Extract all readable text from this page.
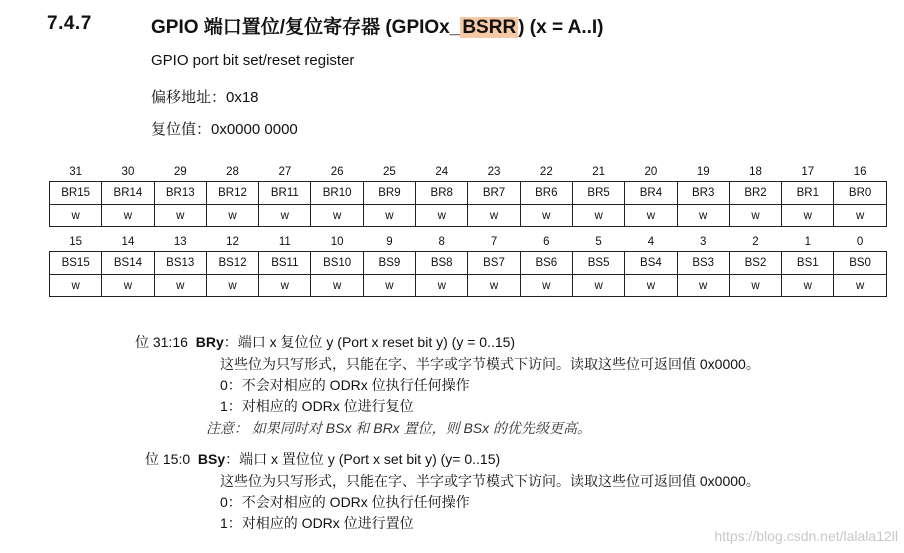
7.4.7	GPIO 端口置位/复位寄存器 (GPIOx_ BSRR ) (x = A..I)
GPIO port bit set/reset register
偏移地址：0x18
复位值：0x0000 0000
31	30	29	28	27	26	25	24	23	22	21	20	19	18	17	16
BR15	BR14	BR13	BR12	BR11	BR10	BR9	BR8	BR7	BR6	BR5	BR4	BR3	BR2	BR1	BR0
w	w	w	w	w	w	w	w	w	w	w	w	w	w	w	w
15	14	13	12	11	10	9	8	7	6	5	4	3	2	1	0
BS15	BS14	BS13	BS12	BS11	BS10	BS9	BS8	BS7	BS6	BS5	BS4	BS3	BS2	BS1	BS0
w	w	w	w	w	w	w	w	w	w	w	w	w	w	w	w
位 31:16 BRy：端口 x 复位位 y (Port x reset bit y) (y = 0..15)
这些位为只写形式，只能在字、半字或字节模式下访问。读取这些位可返回值 0x0000。
0：不会对相应的 ODRx 位执行任何操作
1：对相应的 ODRx 位进行复位
注意： 如果同时对 BSx 和 BRx 置位，则 BSx 的优先级更高。
位 15:0 BSy：端口 x 置位位 y (Port x set bit y) (y= 0..15)
这些位为只写形式，只能在字、半字或字节模式下访问。读取这些位可返回值 0x0000。
0：不会对相应的 ODRx 位执行任何操作
1：对相应的 ODRx 位进行置位
https://blog.csdn.net/lalala12ll
